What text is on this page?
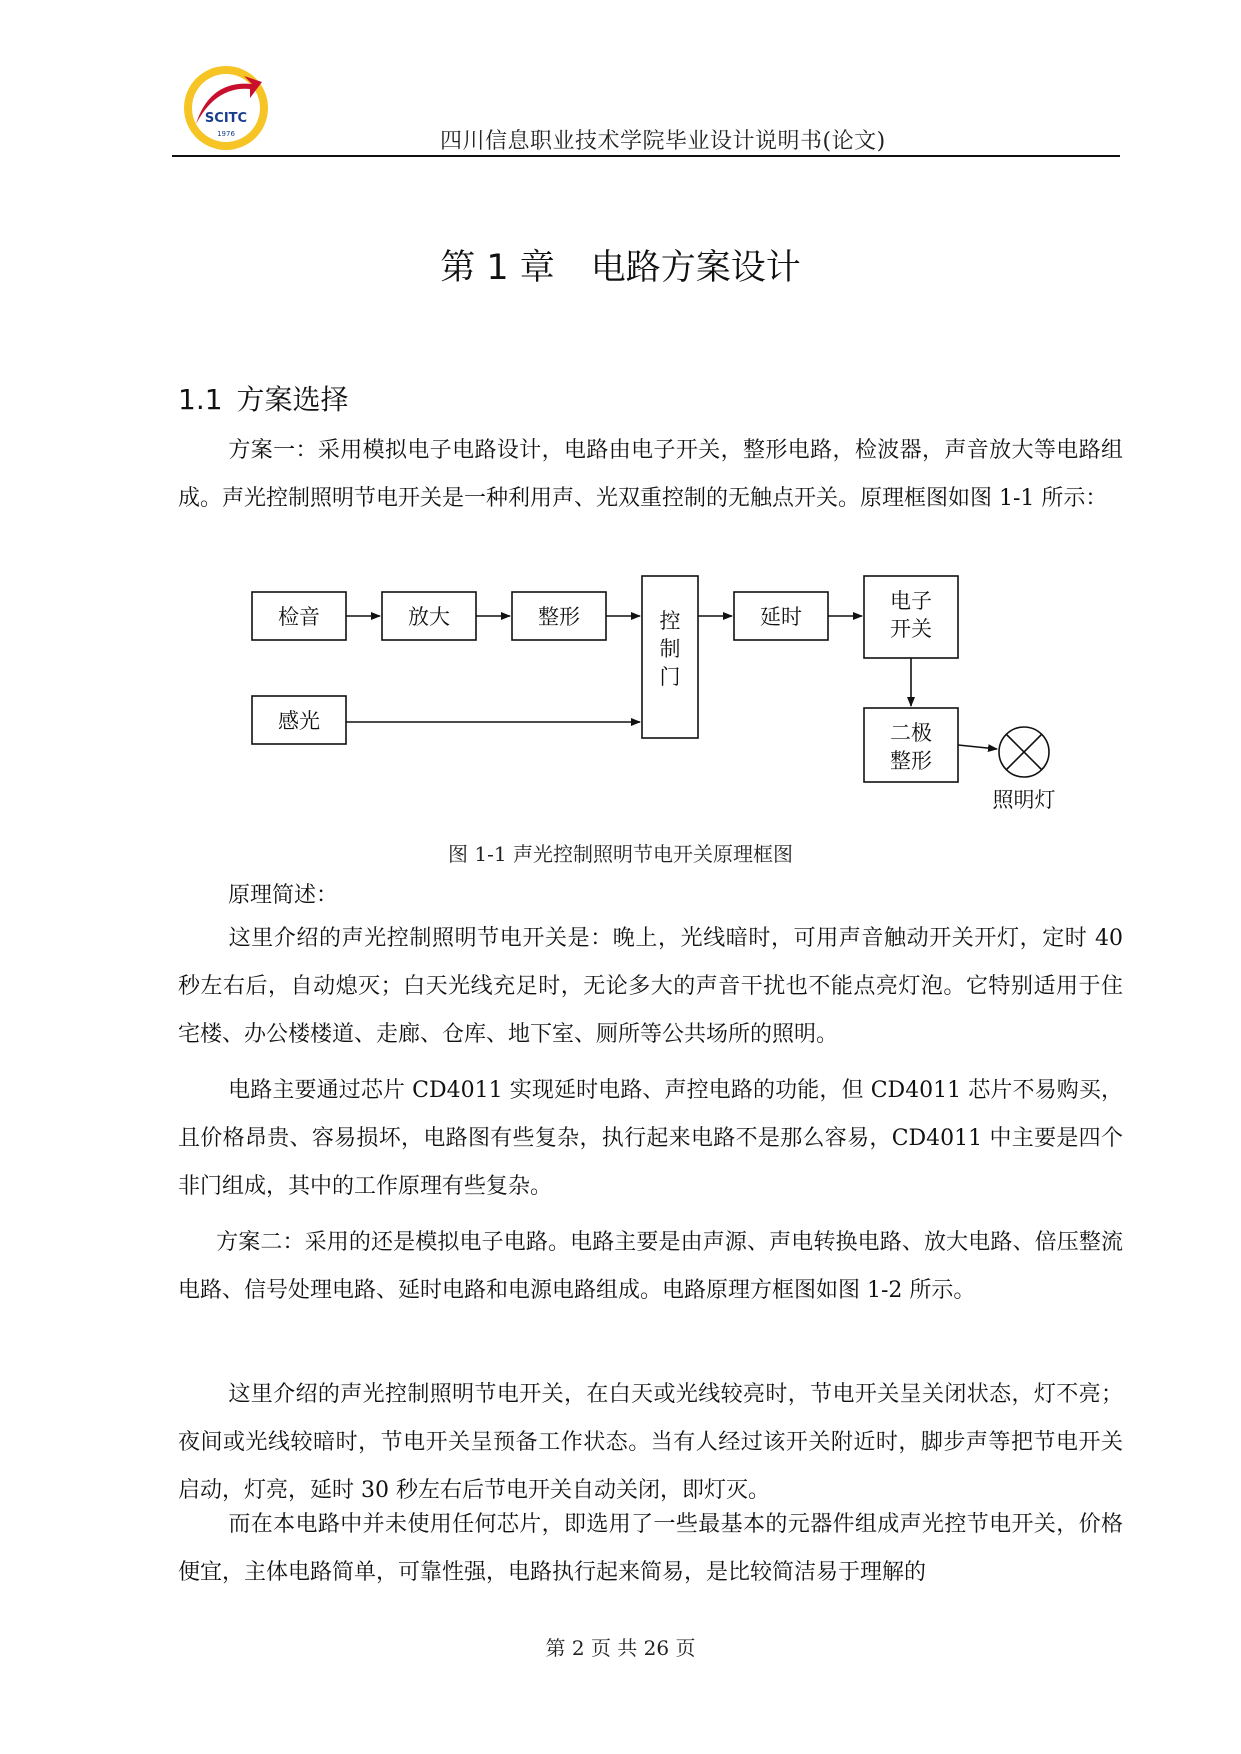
SCITC
1976	四川信息职业技术学院毕业设计说明书(论文)
第 1 章 电路方案设计
1.1 方案选择
方案一：采用模拟电子电路设计，电路由电子开关，整形电路，检波器，声音放大等电路组成。声光控制照明节电开关是一种利用声、光双重控制的无触点开关。原理框图如图 1-1 所示：
检音	放大	整形	控
制
门
延时
电子
开关
感光	二极
整形
照明灯
图 1-1 声光控制照明节电开关原理框图
原理简述：
这里介绍的声光控制照明节电开关是：晚上，光线暗时，可用声音触动开关开灯，定时 40 秒左右后，自动熄灭；白天光线充足时，无论多大的声音干扰也不能点亮灯泡。它特别适用于住宅楼、办公楼楼道、走廊、仓库、地下室、厕所等公共场所的照明。
电路主要通过芯片 CD4011 实现延时电路、声控电路的功能，但 CD4011 芯片不易购买，且价格昂贵、容易损坏，电路图有些复杂，执行起来电路不是那么容易，CD4011 中主要是四个非门组成，其中的工作原理有些复杂。
方案二：采用的还是模拟电子电路。电路主要是由声源、声电转换电路、放大电路、倍压整流电路、信号处理电路、延时电路和电源电路组成。电路原理方框图如图 1-2 所示。
这里介绍的声光控制照明节电开关，在白天或光线较亮时，节电开关呈关闭状态，灯不亮；夜间或光线较暗时，节电开关呈预备工作状态。当有人经过该开关附近时，脚步声等把节电开关启动，灯亮，延时 30 秒左右后节电开关自动关闭，即灯灭。
而在本电路中并未使用任何芯片，即选用了一些最基本的元器件组成声光控节电开关，价格便宜，主体电路简单，可靠性强，电路执行起来简易，是比较简洁易于理解的
第 2 页 共 26 页
